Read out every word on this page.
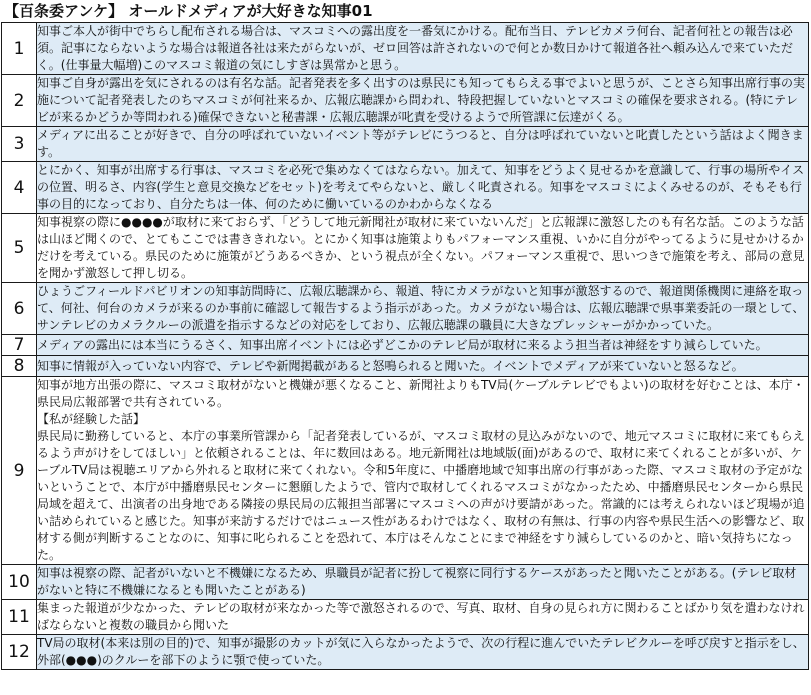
【百条委アンケ】 オールドメディアが大好きな知事01
1	知事ご本人が街中でちらし配布される場合は、マスコミへの露出度を一番気にかける。配布当日、テレビカメラ何台、記者何社との報告は必須。記事にならないような場合は報道各社は来たがらないが、ゼロ回答は許されないので何とか数日かけて報道各社へ頼み込んで来ていただく。(仕事量大幅増)このマスコミ報道の気にしすぎは異常かと思う。

2	知事ご自身が露出を気にされるのは有名な話。記者発表を多く出すのは県民にも知ってもらえる事でよいと思うが、ことさら知事出席行事の実施について記者発表したのちマスコミが何社来るか、広報広聴課から問われ、特段把握していないとマスコミの確保を要求される。(特にテレビが来るかどうか等問われる)確保できないと秘書課・広報広聴課が叱責を受けるようで所管課に伝達がくる。

3	メディアに出ることが好きで、自分の呼ばれていないイベント等がテレビにうつると、自分は呼ばれていないと叱責したという話はよく聞きます。

4	とにかく、知事が出席する行事は、マスコミを必死で集めなくてはならない。加えて、知事をどうよく見せるかを意識して、行事の場所やイスの位置、明るさ、内容(学生と意見交換などをセット)を考えてやらないと、厳しく叱責される。知事をマスコミによくみせるのが、そもそも行事の目的になっており、自分たちは一体、何のために働いているのかわからなくなる

5	知事視察の際に●●●●が取材に来ておらず、「どうして地元新聞社が取材に来ていないんだ」と広報課に激怒したのも有名な話。このような話は山ほど聞くので、とてもここでは書ききれない。とにかく知事は施策よりもパフォーマンス重視、いかに自分がやってるように見せかけるかだけを考えている。県民のために施策がどうあるべきか、という視点が全くない。パフォーマンス重視で、思いつきで施策を考え、部局の意見を聞かず激怒して押し切る。

6	ひょうごフィールドパビリオンの知事訪問時に、広報広聴課から、報道、特にカメラがないと知事が激怒するので、報道関係機関に連絡を取って、何社、何台のカメラが来るのか事前に確認して報告するよう指示があった。カメラがない場合は、広報広聴課で県事業委託の一環として、サンテレビのカメラクルーの派遣を指示するなどの対応をしており、広報広聴課の職員に大きなプレッシャーがかかっていた。

7	メディアの露出には本当にうるさく、知事出席イベントには必ずどこかのテレビ局が取材に来るよう担当者は神経をすり減らしていた。

8	知事に情報が入っていない内容で、テレビや新聞掲載があると怒鳴られると聞いた。イベントでメディアが来ていないと怒るなど。

9	知事が地方出張の際に、マスコミ取材がないと機嫌が悪くなること、新聞社よりもTV局(ケーブルテレビでもよい)の取材を好むことは、本庁・県民局広報部署で共有されている。
【私が経験した話】
県民局に勤務していると、本庁の事業所管課から「記者発表しているが、マスコミ取材の見込みがないので、地元マスコミに取材に来てもらえるよう声がけをしてほしい」と依頼されることは、年に数回はある。地元新聞社は地域版(面)があるので、取材に来てくれることが多いが、ケーブルTV局は視聴エリアから外れると取材に来てくれない。令和5年度に、中播磨地域で知事出席の行事があった際、マスコミ取材の予定がないということで、本庁が中播磨県民センターに懇願したようで、管内で取材してくれるマスコミがなかったため、中播磨県民センターから県民局域を超えて、出演者の出身地である隣接の県民局の広報担当部署にマスコミへの声がけ要請があった。常識的には考えられないほど現場が追い詰められていると感じた。知事が来訪するだけではニュース性があるわけではなく、取材の有無は、行事の内容や県民生活への影響など、取材する側が判断することなのに、知事に叱られることを恐れて、本庁はそんなことにまで神経をすり減らしているのかと、暗い気持ちになった。

10	知事は視察の際、記者がいないと不機嫌になるため、県職員が記者に扮して視察に同行するケースがあったと聞いたことがある。(テレビ取材がないと特に不機嫌になるとも聞いたことがある)

11	集まった報道が少なかった、テレビの取材が来なかった等で激怒されるので、写真、取材、自身の見られ方に関わることばかり気を遣わなければならないと複数の職員から聞いた

12	TV局の取材(本来は別の目的)で、知事が撮影のカットが気に入らなかったようで、次の行程に進んでいたテレビクルーを呼び戻すと指示をし、外部(●●●)のクルーを部下のように顎で使っていた。
